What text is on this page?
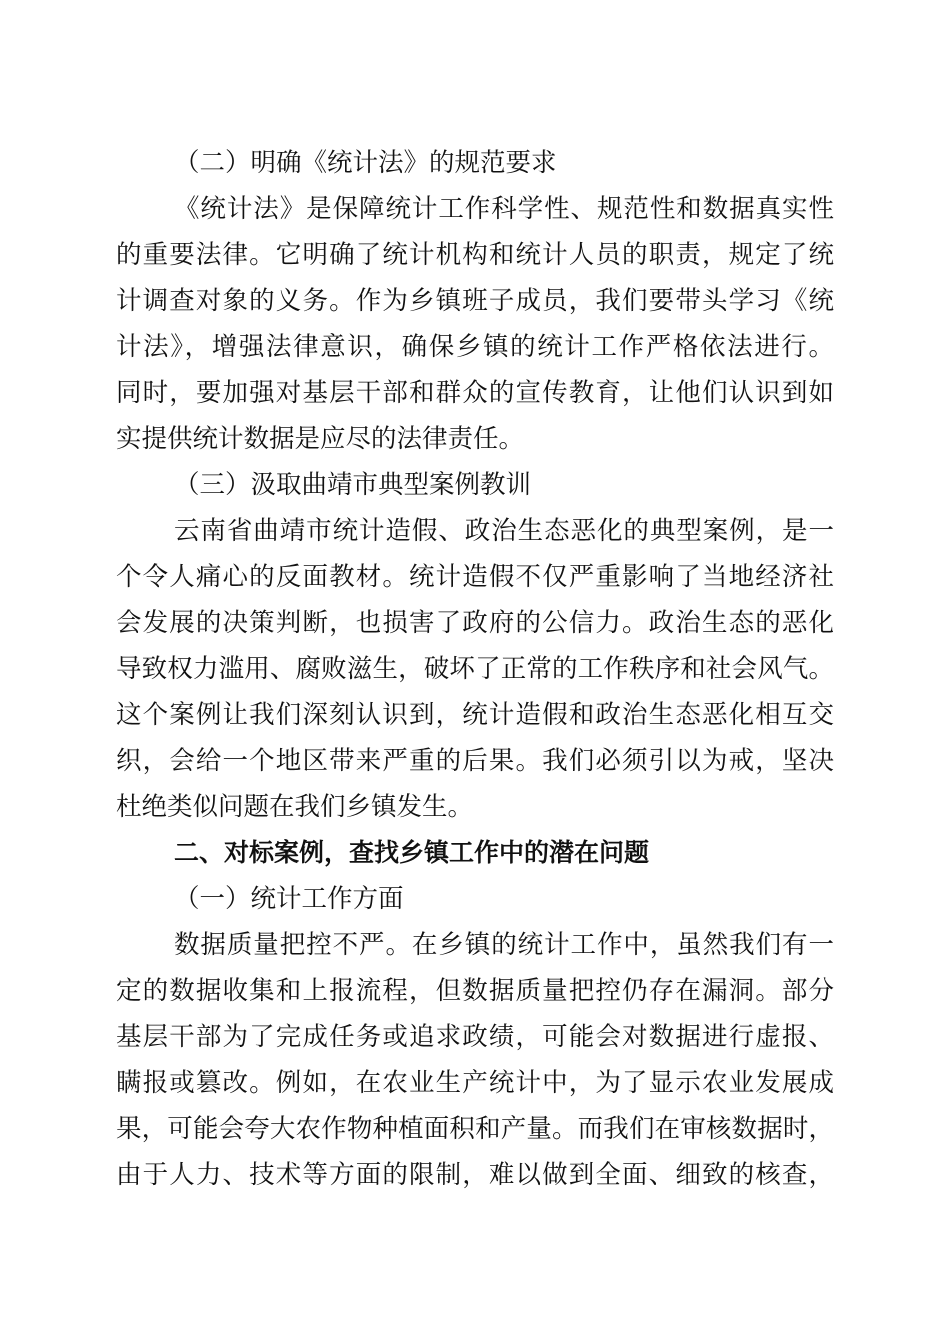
（二）明确《统计法》的规范要求
《统计法》是保障统计工作科学性、规范性和数据真实性
的重要法律。它明确了统计机构和统计人员的职责，规定了统
计调查对象的义务。作为乡镇班子成员，我们要带头学习《统
计法》，增强法律意识，确保乡镇的统计工作严格依法进行。
同时，要加强对基层干部和群众的宣传教育，让他们认识到如
实提供统计数据是应尽的法律责任。
（三）汲取曲靖市典型案例教训
云南省曲靖市统计造假、政治生态恶化的典型案例，是一
个令人痛心的反面教材。统计造假不仅严重影响了当地经济社
会发展的决策判断，也损害了政府的公信力。政治生态的恶化
导致权力滥用、腐败滋生，破坏了正常的工作秩序和社会风气。
这个案例让我们深刻认识到，统计造假和政治生态恶化相互交
织，会给一个地区带来严重的后果。我们必须引以为戒，坚决
杜绝类似问题在我们乡镇发生。
二、对标案例，查找乡镇工作中的潜在问题
（一）统计工作方面
数据质量把控不严。在乡镇的统计工作中，虽然我们有一
定的数据收集和上报流程，但数据质量把控仍存在漏洞。部分
基层干部为了完成任务或追求政绩，可能会对数据进行虚报、
瞒报或篡改。例如，在农业生产统计中，为了显示农业发展成
果，可能会夸大农作物种植面积和产量。而我们在审核数据时，
由于人力、技术等方面的限制，难以做到全面、细致的核查，
